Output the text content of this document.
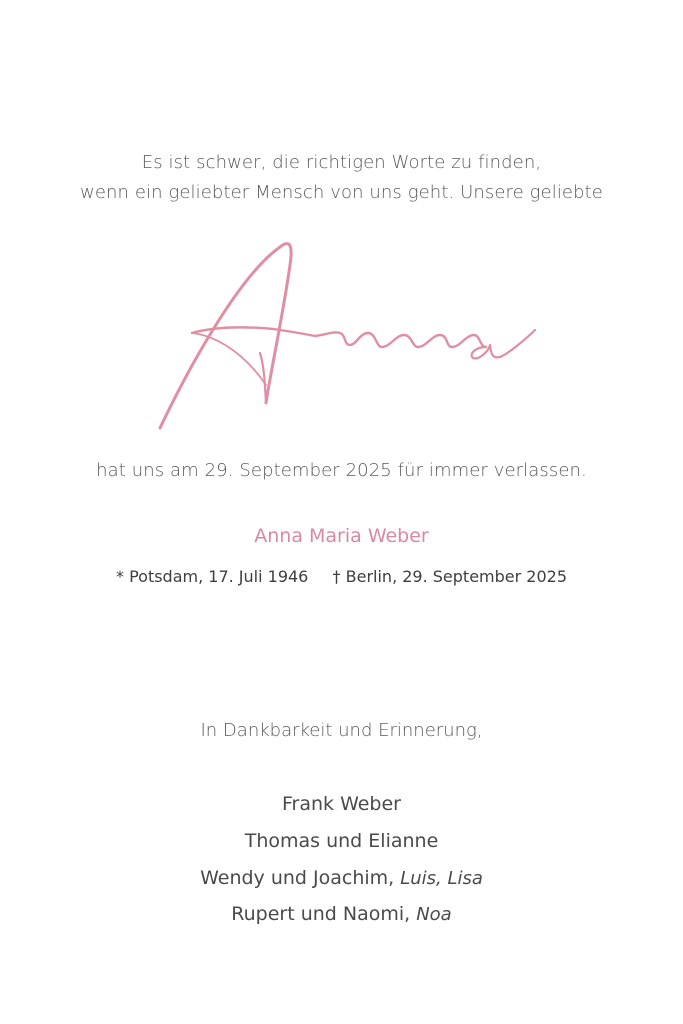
Es ist schwer, die richtigen Worte zu finden,
wenn ein geliebter Mensch von uns geht. Unsere geliebte
hat uns am 29. September 2025 für immer verlassen.
Anna Maria Weber
* Potsdam, 17. Juli 1946 † Berlin, 29. September 2025
In Dankbarkeit und Erinnerung,
Frank Weber
Thomas und Elianne
Wendy und Joachim, Luis, Lisa
Rupert und Naomi, Noa
